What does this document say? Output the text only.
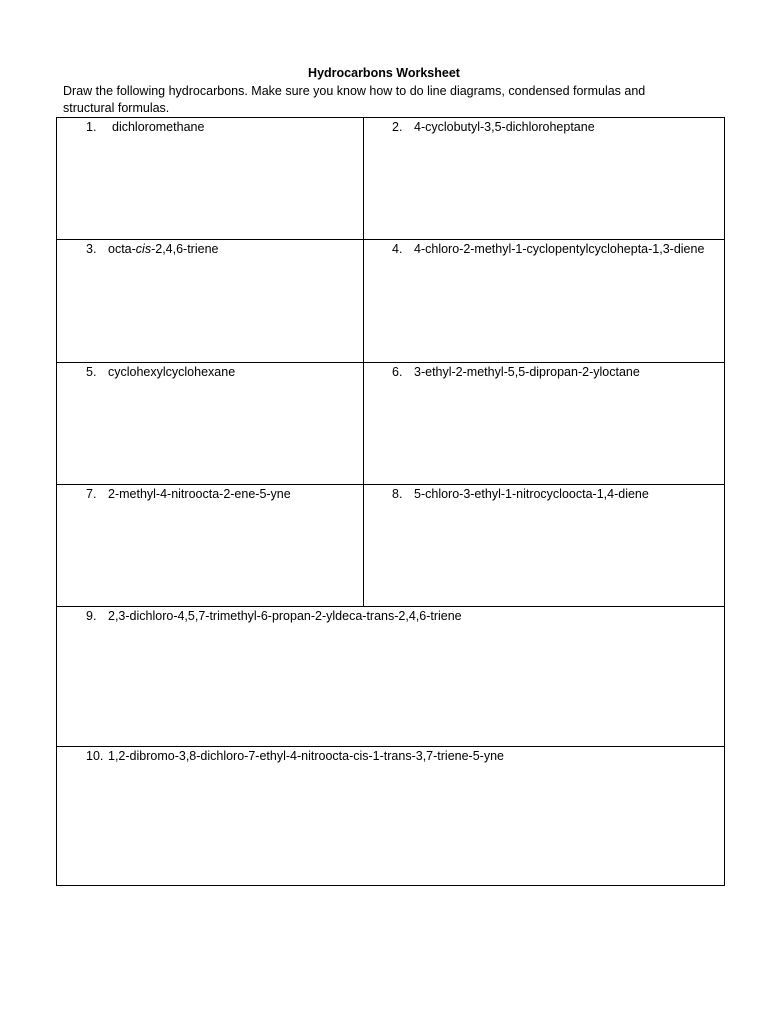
Hydrocarbons Worksheet
Draw the following hydrocarbons. Make sure you know how to do line diagrams, condensed formulas and
structural formulas.
1. dichloromethane	2. 4-cyclobutyl-3,5-dichloroheptane
3. octa-cis-2,4,6-triene	4. 4-chloro-2-methyl-1-cyclopentylcyclohepta-1,3-diene
5. cyclohexylcyclohexane	6. 3-ethyl-2-methyl-5,5-dipropan-2-yloctane
7. 2-methyl-4-nitroocta-2-ene-5-yne	8. 5-chloro-3-ethyl-1-nitrocycloocta-1,4-diene
9. 2,3-dichloro-4,5,7-trimethyl-6-propan-2-yldeca-trans-2,4,6-triene
10. 1,2-dibromo-3,8-dichloro-7-ethyl-4-nitroocta-cis-1-trans-3,7-triene-5-yne
